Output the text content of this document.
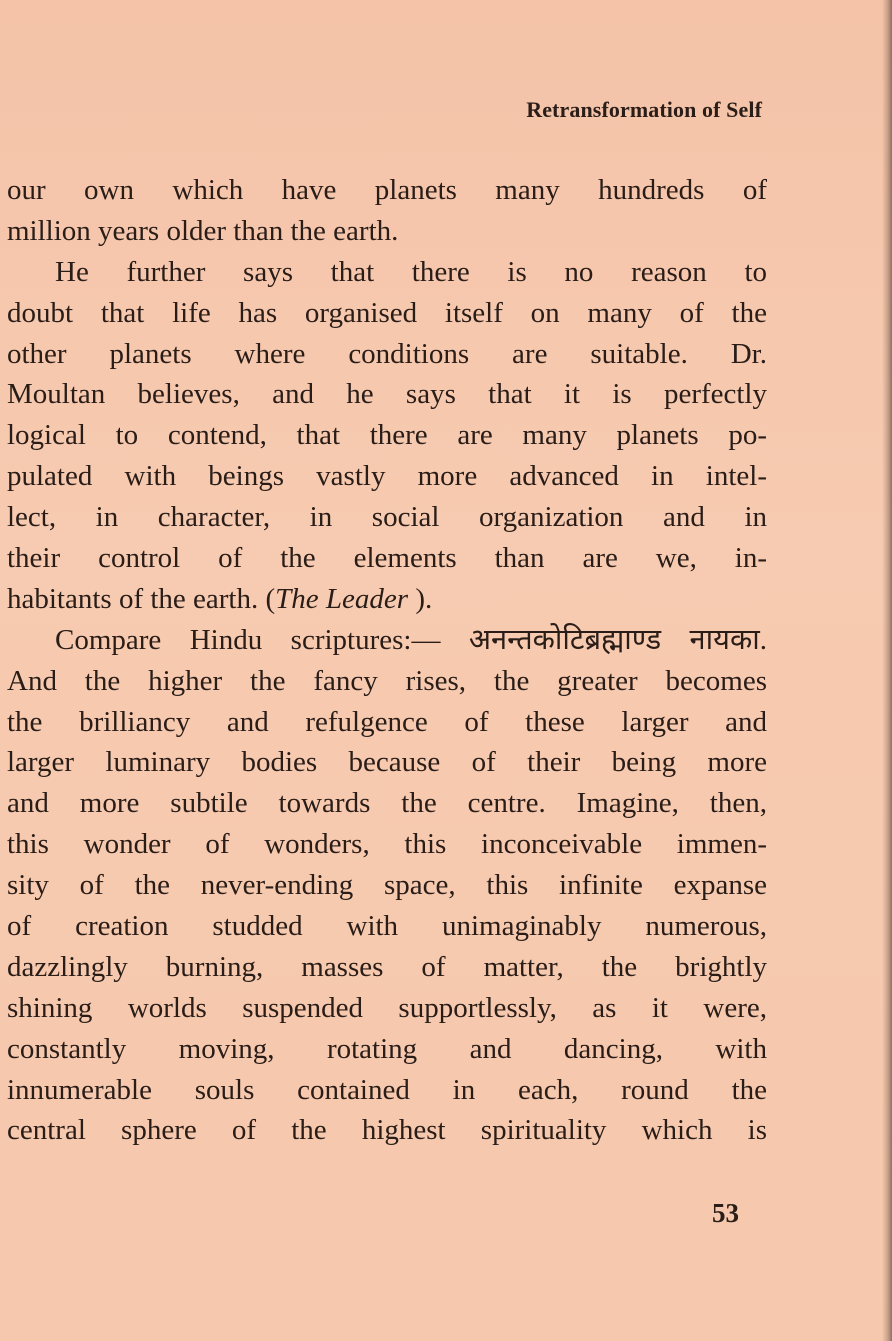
Retransformation of Self
our own which have planets many hundreds of
million years older than the earth.
He further says that there is no reason to
doubt that life has organised itself on many of the
other planets where conditions are suitable. Dr.
Moultan believes, and he says that it is perfectly
logical to contend, that there are many planets po-
pulated with beings vastly more advanced in intel-
lect, in character, in social organization and in
their control of the elements than are we, in-
habitants of the earth. (The Leader ).
Compare Hindu scriptures:— अनन्तकोटिब्रह्माण्ड नायका.
And the higher the fancy rises, the greater becomes
the brilliancy and refulgence of these larger and
larger luminary bodies because of their being more
and more subtile towards the centre. Imagine, then,
this wonder of wonders, this inconceivable immen-
sity of the never-ending space, this infinite expanse
of creation studded with unimaginably numerous,
dazzlingly burning, masses of matter, the brightly
shining worlds suspended supportlessly, as it were,
constantly moving, rotating and dancing, with
innumerable souls contained in each, round the
central sphere of the highest spirituality which is
53
